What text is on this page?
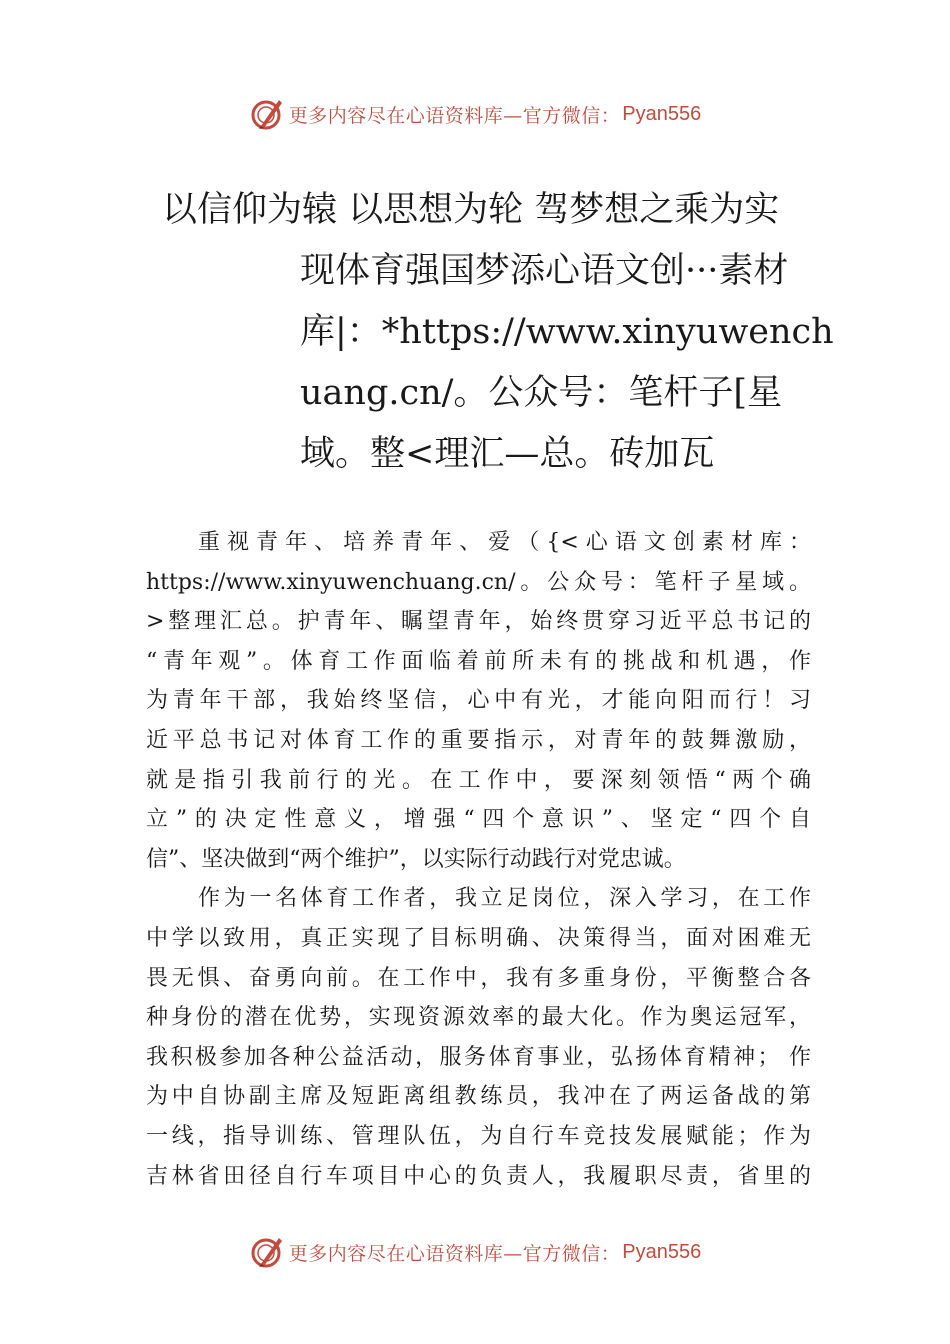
更多内容尽在心语资料库—官方微信： Pyan556
以信仰为辕 以思想为轮 驾梦想之乘为实
现体育强国梦添心语文创···素材
库|：*https://www.xinyuwench
uang.cn/。公众号：笔杆子[星
域。整<理汇—总。砖加瓦
重视青年、培养青年、爱（{<心语文创素材库：
https://www.xinyuwenchuang.cn/。公众号：笔杆子星域。
>整理汇总。护青年、瞩望青年，始终贯穿习近平总书记的
“青年观”。体育工作面临着前所未有的挑战和机遇，作
为青年干部，我始终坚信，心中有光，才能向阳而行！习
近平总书记对体育工作的重要指示，对青年的鼓舞激励，
就是指引我前行的光。在工作中，要深刻领悟“两个确
立”的决定性意义，增强“四个意识”、坚定“四个自
信”、坚决做到“两个维护”，以实际行动践行对党忠诚。
作为一名体育工作者，我立足岗位，深入学习，在工作
中学以致用，真正实现了目标明确、决策得当，面对困难无
畏无惧、奋勇向前。在工作中，我有多重身份，平衡整合各
种身份的潜在优势，实现资源效率的最大化。作为奥运冠军，
我积极参加各种公益活动，服务体育事业，弘扬体育精神； 作
为中自协副主席及短距离组教练员，我冲在了两运备战的第
一线，指导训练、管理队伍，为自行车竞技发展赋能；作为
吉林省田径自行车项目中心的负责人，我履职尽责，省里的
更多内容尽在心语资料库—官方微信： Pyan556
